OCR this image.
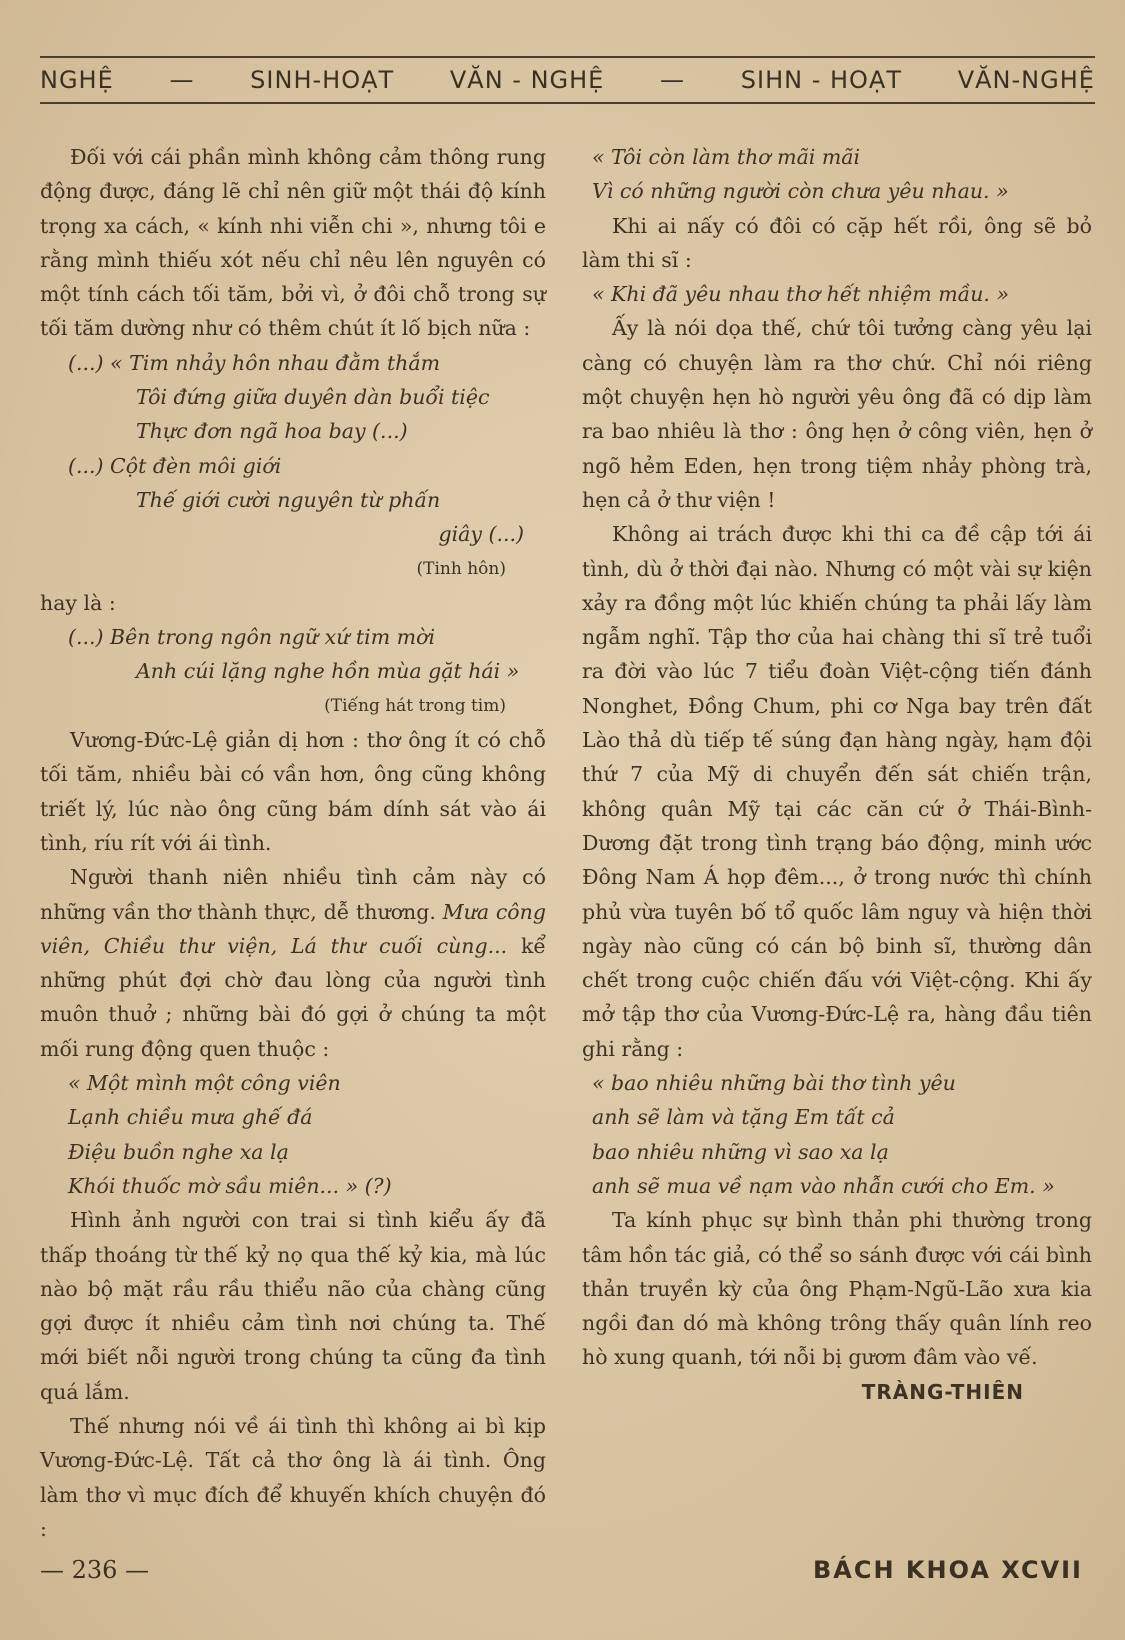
NGHỆ — SINH-HOẠT VĂN - NGHỆ — SIHN - HOẠT VĂN-NGHỆ

Đối với cái phần mình không cảm thông rung động được, đáng lẽ chỉ nên giữ một thái độ kính trọng xa cách, « kính nhi viễn chi », nhưng tôi e rằng mình thiếu xót nếu chỉ nêu lên nguyên có một tính cách tối tăm, bởi vì, ở đôi chỗ trong sự tối tăm dường như có thêm chút ít lố bịch nữa :

(...) « Tim nhảy hôn nhau đằm thắm
Tôi đứng giữa duyên dàn buổi tiệc
Thực đơn ngã hoa bay (...)
(...) Cột đèn môi giới
Thế giới cười nguyên từ phấn
giây (...)
(Tinh hôn)

hay là :

(...) Bên trong ngôn ngữ xứ tim mời
Anh cúi lặng nghe hồn mùa gặt hái »
(Tiếng hát trong tim)

Vương-Đức-Lệ giản dị hơn : thơ ông ít có chỗ tối tăm, nhiều bài có vần hơn, ông cũng không triết lý, lúc nào ông cũng bám dính sát vào ái tình, ríu rít với ái tình.

Người thanh niên nhiều tình cảm này có những vần thơ thành thực, dễ thương. Mưa công viên, Chiều thư viện, Lá thư cuối cùng... kể những phút đợi chờ đau lòng của người tình muôn thuở ; những bài đó gợi ở chúng ta một mối rung động quen thuộc :

« Một mình một công viên
Lạnh chiều mưa ghế đá
Điệu buồn nghe xa lạ
Khói thuốc mờ sầu miên... » (?)

Hình ảnh người con trai si tình kiểu ấy đã thấp thoáng từ thế kỷ nọ qua thế kỷ kia, mà lúc nào bộ mặt rầu rầu thiểu não của chàng cũng gợi được ít nhiều cảm tình nơi chúng ta. Thế mới biết nỗi người trong chúng ta cũng đa tình quá lắm.

Thế nhưng nói về ái tình thì không ai bì kịp Vương-Đức-Lệ. Tất cả thơ ông là ái tình. Ông làm thơ vì mục đích để khuyến khích chuyện đó :

« Tôi còn làm thơ mãi mãi
Vì có những người còn chưa yêu nhau. »

Khi ai nấy có đôi có cặp hết rồi, ông sẽ bỏ làm thi sĩ :

« Khi đã yêu nhau thơ hết nhiệm mầu. »

Ấy là nói dọa thế, chứ tôi tưởng càng yêu lại càng có chuyện làm ra thơ chứ. Chỉ nói riêng một chuyện hẹn hò người yêu ông đã có dịp làm ra bao nhiêu là thơ : ông hẹn ở công viên, hẹn ở ngõ hẻm Eden, hẹn trong tiệm nhảy phòng trà, hẹn cả ở thư viện !

Không ai trách được khi thi ca đề cập tới ái tình, dù ở thời đại nào. Nhưng có một vài sự kiện xảy ra đồng một lúc khiến chúng ta phải lấy làm ngẫm nghĩ. Tập thơ của hai chàng thi sĩ trẻ tuổi ra đời vào lúc 7 tiểu đoàn Việt-cộng tiến đánh Nonghet, Đồng Chum, phi cơ Nga bay trên đất Lào thả dù tiếp tế súng đạn hàng ngày, hạm đội thứ 7 của Mỹ di chuyển đến sát chiến trận, không quân Mỹ tại các căn cứ ở Thái-Bình-Dương đặt trong tình trạng báo động, minh ước Đông Nam Á họp đêm..., ở trong nước thì chính phủ vừa tuyên bố tổ quốc lâm nguy và hiện thời ngày nào cũng có cán bộ binh sĩ, thường dân chết trong cuộc chiến đấu với Việt-cộng. Khi ấy mở tập thơ của Vương-Đức-Lệ ra, hàng đầu tiên ghi rằng :

« bao nhiêu những bài thơ tình yêu
anh sẽ làm và tặng Em tất cả
bao nhiêu những vì sao xa lạ
anh sẽ mua về nạm vào nhẫn cưới cho Em. »

Ta kính phục sự bình thản phi thường trong tâm hồn tác giả, có thể so sánh được với cái bình thản truyền kỳ của ông Phạm-Ngũ-Lão xưa kia ngồi đan dó mà không trông thấy quân lính reo hò xung quanh, tới nỗi bị gươm đâm vào vế.

TRÀNG-THIÊN
— 236 —	BÁCH KHOA XCVII
